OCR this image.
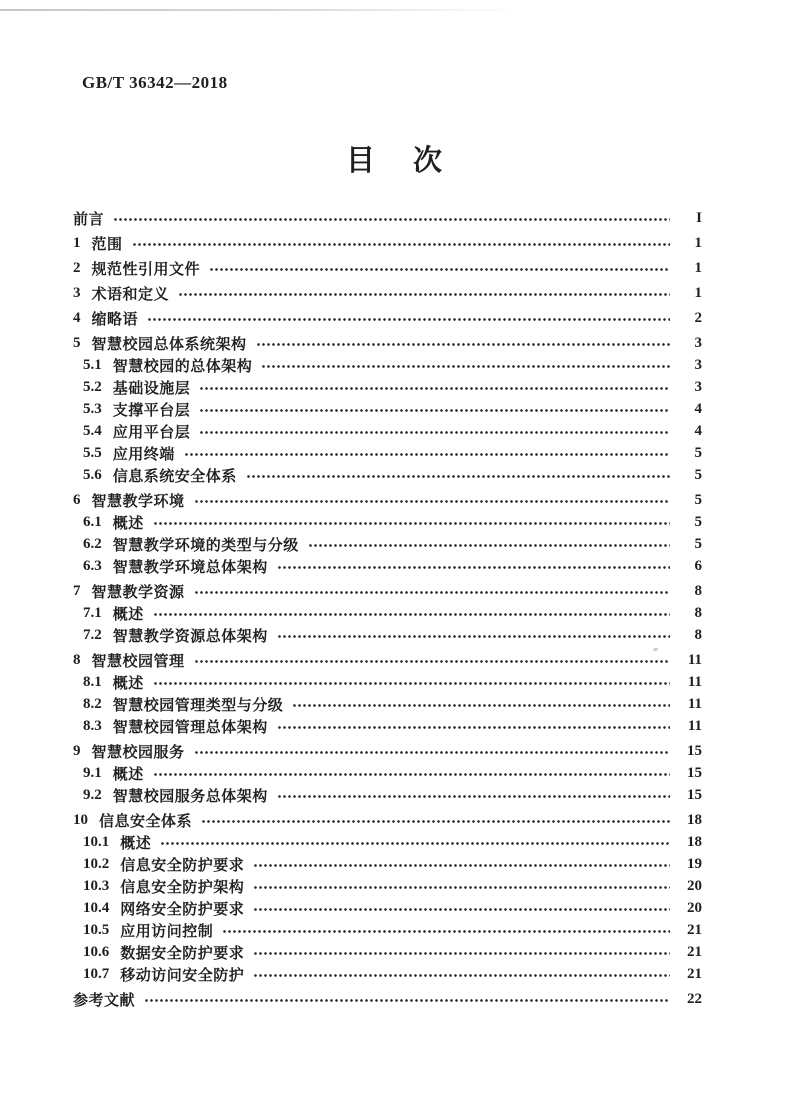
GB/T 36342—2018
目次
前言	I
1 范围	1
2 规范性引用文件	1
3 术语和定义	1
4 缩略语	2
5 智慧校园总体系统架构	3
5.1 智慧校园的总体架构	3
5.2 基础设施层	3
5.3 支撑平台层	4
5.4 应用平台层	4
5.5 应用终端	5
5.6 信息系统安全体系	5
6 智慧教学环境	5
6.1 概述	5
6.2 智慧教学环境的类型与分级	5
6.3 智慧教学环境总体架构	6
7 智慧教学资源	8
7.1 概述	8
7.2 智慧教学资源总体架构	8
8 智慧校园管理	11
8.1 概述	11
8.2 智慧校园管理类型与分级	11
8.3 智慧校园管理总体架构	11
9 智慧校园服务	15
9.1 概述	15
9.2 智慧校园服务总体架构	15
10 信息安全体系	18
10.1 概述	18
10.2 信息安全防护要求	19
10.3 信息安全防护架构	20
10.4 网络安全防护要求	20
10.5 应用访问控制	21
10.6 数据安全防护要求	21
10.7 移动访问安全防护	21
参考文献	22
